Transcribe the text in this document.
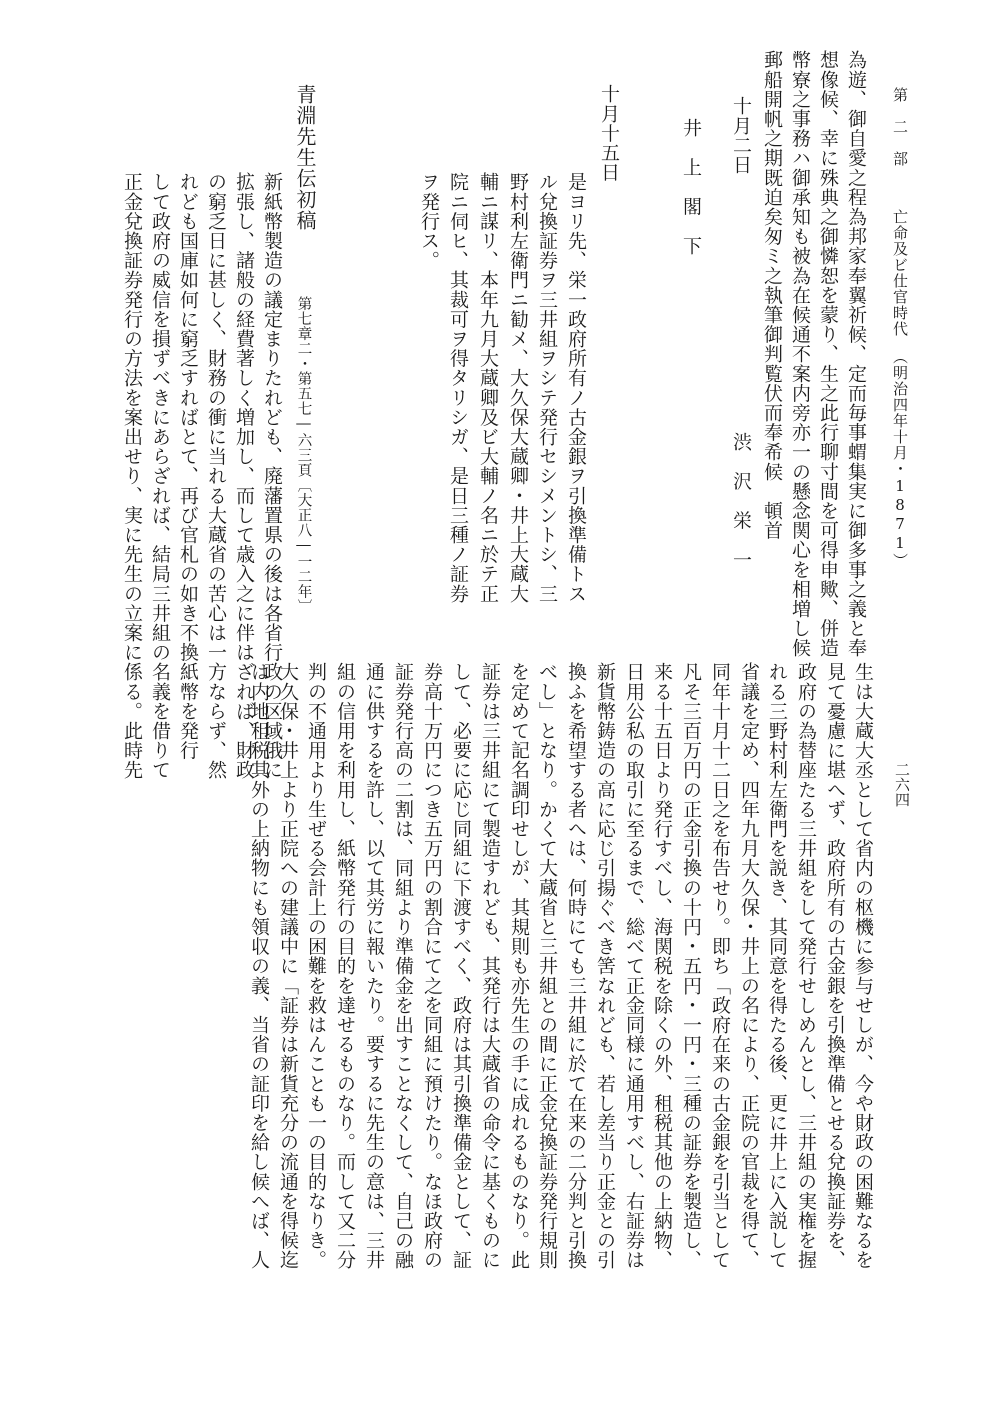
第　二　部亡命及ビ仕官時代（明治四年十月・1871）
二六四
為遊、御自愛之程為邦家奉翼祈候、定而毎事蝟集実に御多事之義と奉
想像候、幸に殊典之御憐恕を蒙り、生之此行聊寸間を可得申歟、併造
幣寮之事務ハ御承知も被為在候通不案内旁亦一の懸念関心を相増し候
郵船開帆之期既迫矣匆ミ之執筆御判覧伏而奉希候　頓首
十月二日
渋　沢　栄　一
井　上　閣　下
十月十五日
是ヨリ先、栄一政府所有ノ古金銀ヲ引換準備トス
ル兌換証券ヲ三井組ヲシテ発行セシメントシ、三
野村利左衛門ニ勧メ、大久保大蔵卿・井上大蔵大
輔ニ謀リ、本年九月大蔵卿及ビ大輔ノ名ニ於テ正
院ニ伺ヒ、其裁可ヲ得タリシガ、是日三種ノ証券
ヲ発行ス。
青淵先生伝初稿
第七章二・第五七―六三頁〔大正八―一二年〕
新紙幣製造の議定まりたれども、廃藩置県の後は各省行政の区域俄に
拡張し、諸般の経費著しく増加し、而して歳入之に伴はざれば、財政
の窮乏日に甚しく、財務の衝に当れる大蔵省の苦心は一方ならず、然
れども国庫如何に窮乏すればとて、再び官札の如き不換紙幣を発行
して政府の威信を損ずべきにあらざれば、結局三井組の名義を借りて
正金兌換証券発行の方法を案出せり、実に先生の立案に係る。此時先
生は大蔵大丞として省内の枢機に参与せしが、今や財政の困難なるを
見て憂慮に堪へず、政府所有の古金銀を引換準備とせる兌換証券を、
政府の為替座たる三井組をして発行せしめんとし、三井組の実権を握
れる三野村利左衛門を説き、其同意を得たる後、更に井上に入説して
省議を定め、四年九月大久保・井上の名により、正院の官裁を得て、
同年十月十二日之を布告せり。即ち「政府在来の古金銀を引当として
凡そ三百万円の正金引換の十円・五円・一円・三種の証券を製造し、
来る十五日より発行すべし、海関税を除くの外、租税其他の上納物、
日用公私の取引に至るまで、総べて正金同様に通用すべし、右証券は
新貨幣鋳造の高に応じ引揚ぐべき筈なれども、若し差当り正金との引
換ふを希望する者へは、何時にても三井組に於て在来の二分判と引換
べし」となり。かくて大蔵省と三井組との間に正金兌換証券発行規則
を定めて記名調印せしが、其規則も亦先生の手に成れるものなり。此
証券は三井組にて製造すれども、其発行は大蔵省の命令に基くものに
して、必要に応じ同組に下渡すべく、政府は其引換準備金として、証
券高十万円につき五万円の割合にて之を同組に預けたり。なほ政府の
証券発行高の二割は、同組より準備金を出すことなくして、自己の融
通に供するを許し、以て其労に報いたり。要するに先生の意は、三井
組の信用を利用し、紙幣発行の目的を達せるものなり。而して又二分
判の不通用より生ぜる会計上の困難を救はんことも一の目的なりき。
大久保・井上より正院への建議中に「証券は新貨充分の流通を得候迄
は内地租税其外の上納物にも領収の義、当省の証印を給し候へば、人
